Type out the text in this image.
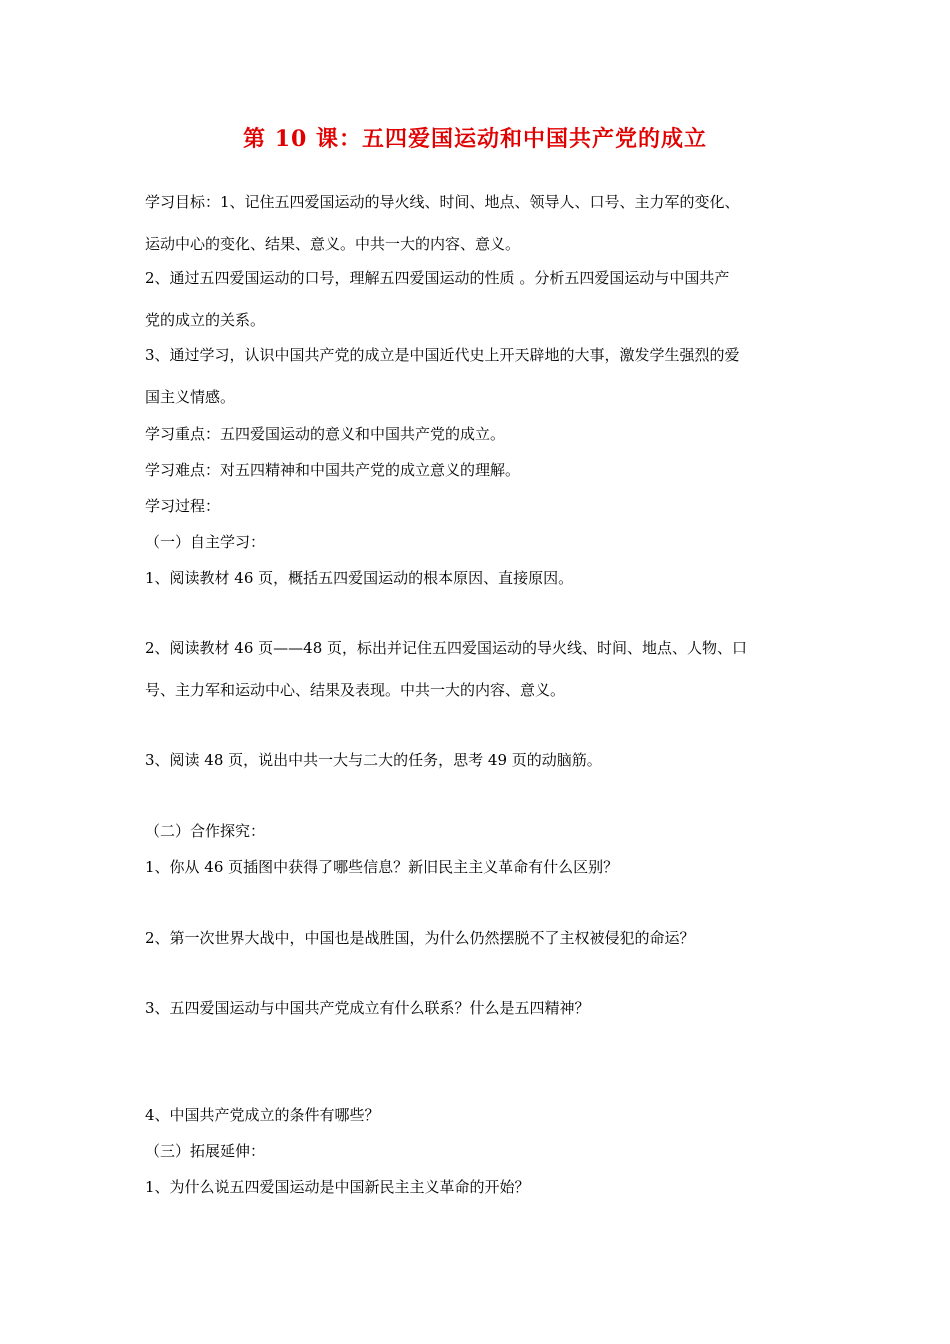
第 10 课：五四爱国运动和中国共产党的成立
学习目标：1、记住五四爱国运动的导火线、时间、地点、领导人、口号、主力军的变化、
运动中心的变化、结果、意义。中共一大的内容、意义。
2、通过五四爱国运动的口号，理解五四爱国运动的性质 。分析五四爱国运动与中国共产
党的成立的关系。
3、通过学习，认识中国共产党的成立是中国近代史上开天辟地的大事，激发学生强烈的爱
国主义情感。
学习重点：五四爱国运动的意义和中国共产党的成立。
学习难点：对五四精神和中国共产党的成立意义的理解。
学习过程：
（一）自主学习：
1、阅读教材 46 页，概括五四爱国运动的根本原因、直接原因。
2、阅读教材 46 页——48 页，标出并记住五四爱国运动的导火线、时间、地点、人物、口
号、主力军和运动中心、结果及表现。中共一大的内容、意义。
3、阅读 48 页，说出中共一大与二大的任务，思考 49 页的动脑筋。
（二）合作探究：
1、你从 46 页插图中获得了哪些信息？新旧民主主义革命有什么区别？
2、第一次世界大战中，中国也是战胜国，为什么仍然摆脱不了主权被侵犯的命运？
3、五四爱国运动与中国共产党成立有什么联系？什么是五四精神？
4、中国共产党成立的条件有哪些？
（三）拓展延伸：
1、为什么说五四爱国运动是中国新民主主义革命的开始？
